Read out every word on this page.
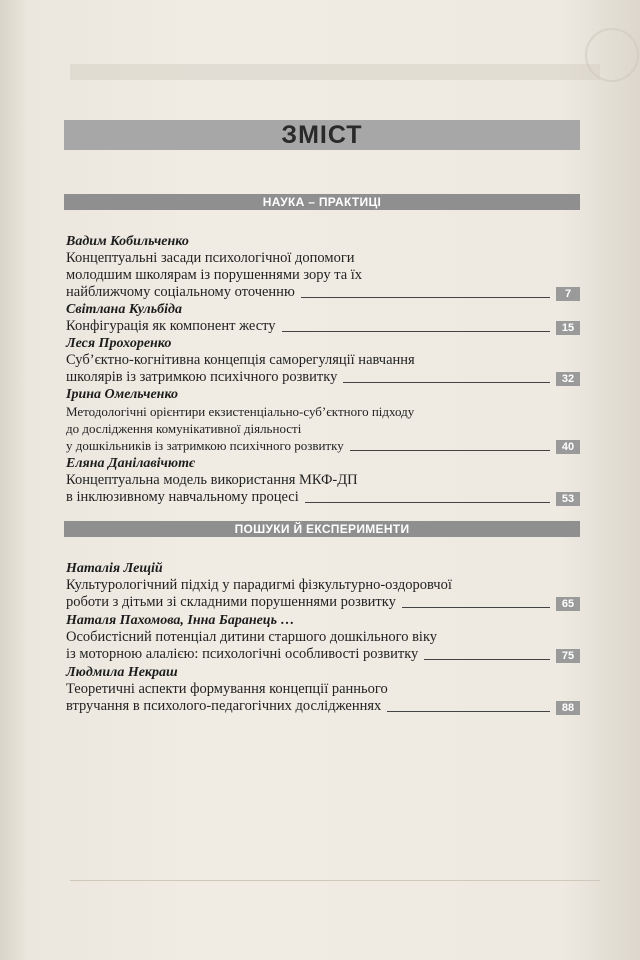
ЗМІСТ
НАУКА – ПРАКТИЦІ
Вадим Кобильченко
Концептуальні засади психологічної допомоги
молодшим школярам із порушеннями зору та їх
найближчому соціальному оточенню	7
Світлана Кульбіда
Конфігурація як компонент жесту	15
Леся Прохоренко
Суб’єктно-когнітивна концепція саморегуляції навчання
школярів із затримкою психічного розвитку	32
Ірина Омельченко
Методологічні орієнтири екзистенціально-суб’єктного підходу
до дослідження комунікативної діяльності
у дошкільників із затримкою психічного розвитку	40
Еляна Данілавічютє
Концептуальна модель використання МКФ-ДП
в інклюзивному навчальному процесі	53
ПОШУКИ Й ЕКСПЕРИМЕНТИ
Наталія Лещій
Культурологічний підхід у парадигмі фізкультурно-оздоровчої
роботи з дітьми зі складними порушеннями розвитку	65
Наталя Пахомова, Інна Баранець …
Особистісний потенціал дитини старшого дошкільного віку
із моторною алалією: психологічні особливості розвитку	75
Людмила Некраш
Теоретичні аспекти формування концепції раннього
втручання в психолого-педагогічних дослідженнях	88
